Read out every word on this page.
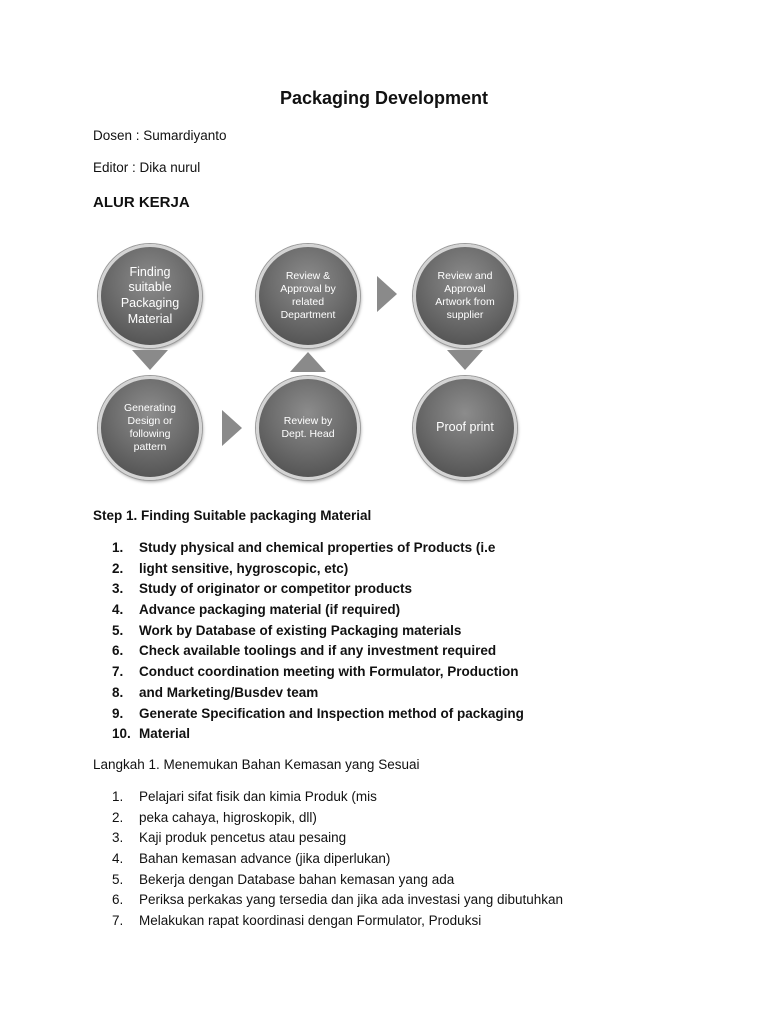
Packaging Development
Dosen : Sumardiyanto
Editor : Dika nurul
ALUR KERJA
Finding
suitable
Packaging
Material
Generating
Design or
following
pattern
Review by
Dept. Head
Review &
Approval by
related
Department
Review and
Approval
Artwork from
supplier
Proof print
Step 1. Finding Suitable packaging Material
1. Study physical and chemical properties of Products (i.e
2. light sensitive, hygroscopic, etc)
3. Study of originator or competitor products
4. Advance packaging material (if required)
5. Work by Database of existing Packaging materials
6. Check available toolings and if any investment required
7. Conduct coordination meeting with Formulator, Production
8. and Marketing/Busdev team
9. Generate Specification and Inspection method of packaging
10. Material
Langkah 1. Menemukan Bahan Kemasan yang Sesuai
1. Pelajari sifat fisik dan kimia Produk (mis
2. peka cahaya, higroskopik, dll)
3. Kaji produk pencetus atau pesaing
4. Bahan kemasan advance (jika diperlukan)
5. Bekerja dengan Database bahan kemasan yang ada
6. Periksa perkakas yang tersedia dan jika ada investasi yang dibutuhkan
7. Melakukan rapat koordinasi dengan Formulator, Produksi
